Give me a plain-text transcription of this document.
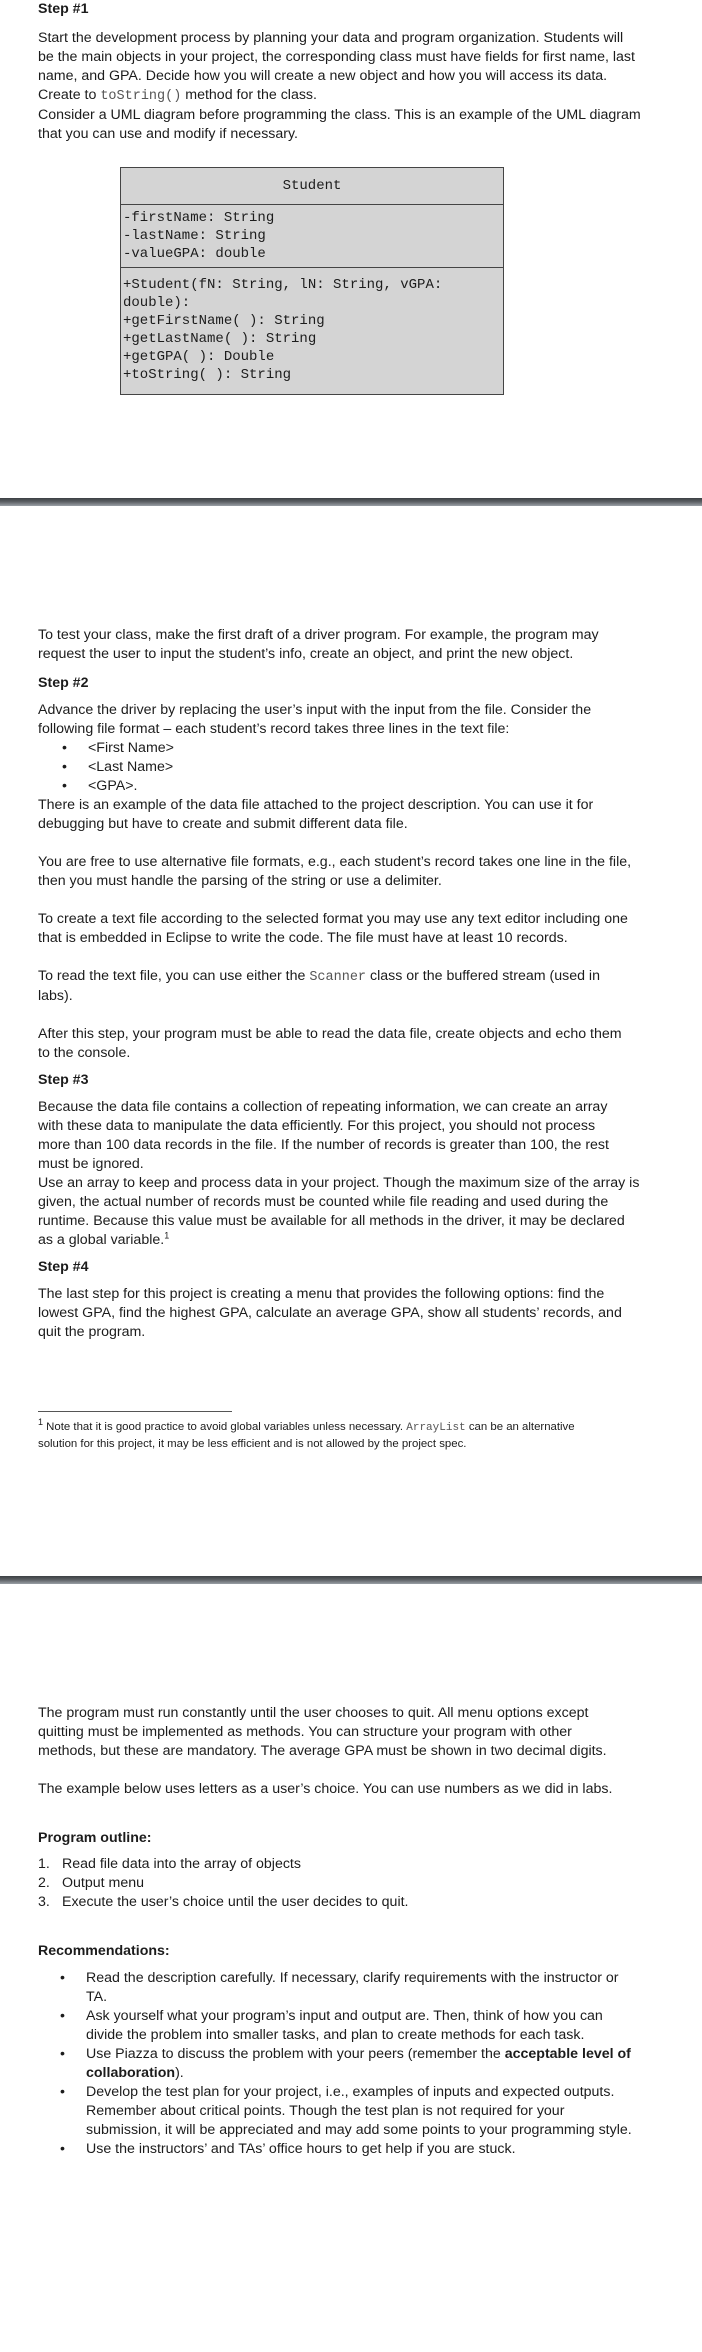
Step #1

Start the development process by planning your data and program organization. Students will
be the main objects in your project, the corresponding class must have fields for first name, last
name, and GPA. Decide how you will create a new object and how you will access its data.
Create to toString() method for the class.
Consider a UML diagram before programming the class. This is an example of the UML diagram
that you can use and modify if necessary.

Student
-firstName: String
-lastName: String
-valueGPA: double
+Student(fN: String, lN: String, vGPA: double):
+getFirstName( ): String
+getLastName( ): String
+getGPA( ): Double
+toString( ): String

To test your class, make the first draft of a driver program. For example, the program may
request the user to input the student’s info, create an object, and print the new object.

Step #2

Advance the driver by replacing the user’s input with the input from the file. Consider the
following file format – each student’s record takes three lines in the text file:

• <First Name>
• <Last Name>
• <GPA>.

There is an example of the data file attached to the project description. You can use it for
debugging but have to create and submit different data file.

You are free to use alternative file formats, e.g., each student’s record takes one line in the file,
then you must handle the parsing of the string or use a delimiter.

To create a text file according to the selected format you may use any text editor including one
that is embedded in Eclipse to write the code. The file must have at least 10 records.

To read the text file, you can use either the Scanner class or the buffered stream (used in
labs).

After this step, your program must be able to read the data file, create objects and echo them
to the console.

Step #3

Because the data file contains a collection of repeating information, we can create an array
with these data to manipulate the data efficiently. For this project, you should not process
more than 100 data records in the file. If the number of records is greater than 100, the rest
must be ignored.
Use an array to keep and process data in your project. Though the maximum size of the array is
given, the actual number of records must be counted while file reading and used during the
runtime. Because this value must be available for all methods in the driver, it may be declared
as a global variable.$^1$

Step #4

The last step for this project is creating a menu that provides the following options: find the
lowest GPA, find the highest GPA, calculate an average GPA, show all students’ records, and
quit the program.

$^1$ Note that it is good practice to avoid global variables unless necessary. ArrayList can be an alternative
solution for this project, it may be less efficient and is not allowed by the project spec.

The program must run constantly until the user chooses to quit. All menu options except
quitting must be implemented as methods. You can structure your program with other
methods, but these are mandatory. The average GPA must be shown in two decimal digits.

The example below uses letters as a user’s choice. You can use numbers as we did in labs.

Program outline:

1. Read file data into the array of objects
2. Output menu
3. Execute the user’s choice until the user decides to quit.

Recommendations:

• Read the description carefully. If necessary, clarify requirements with the instructor or
TA.
• Ask yourself what your program’s input and output are. Then, think of how you can
divide the problem into smaller tasks, and plan to create methods for each task.
• Use Piazza to discuss the problem with your peers (remember the acceptable level of
collaboration).
• Develop the test plan for your project, i.e., examples of inputs and expected outputs.
Remember about critical points. Though the test plan is not required for your
submission, it will be appreciated and may add some points to your programming style.
• Use the instructors’ and TAs’ office hours to get help if you are stuck.
